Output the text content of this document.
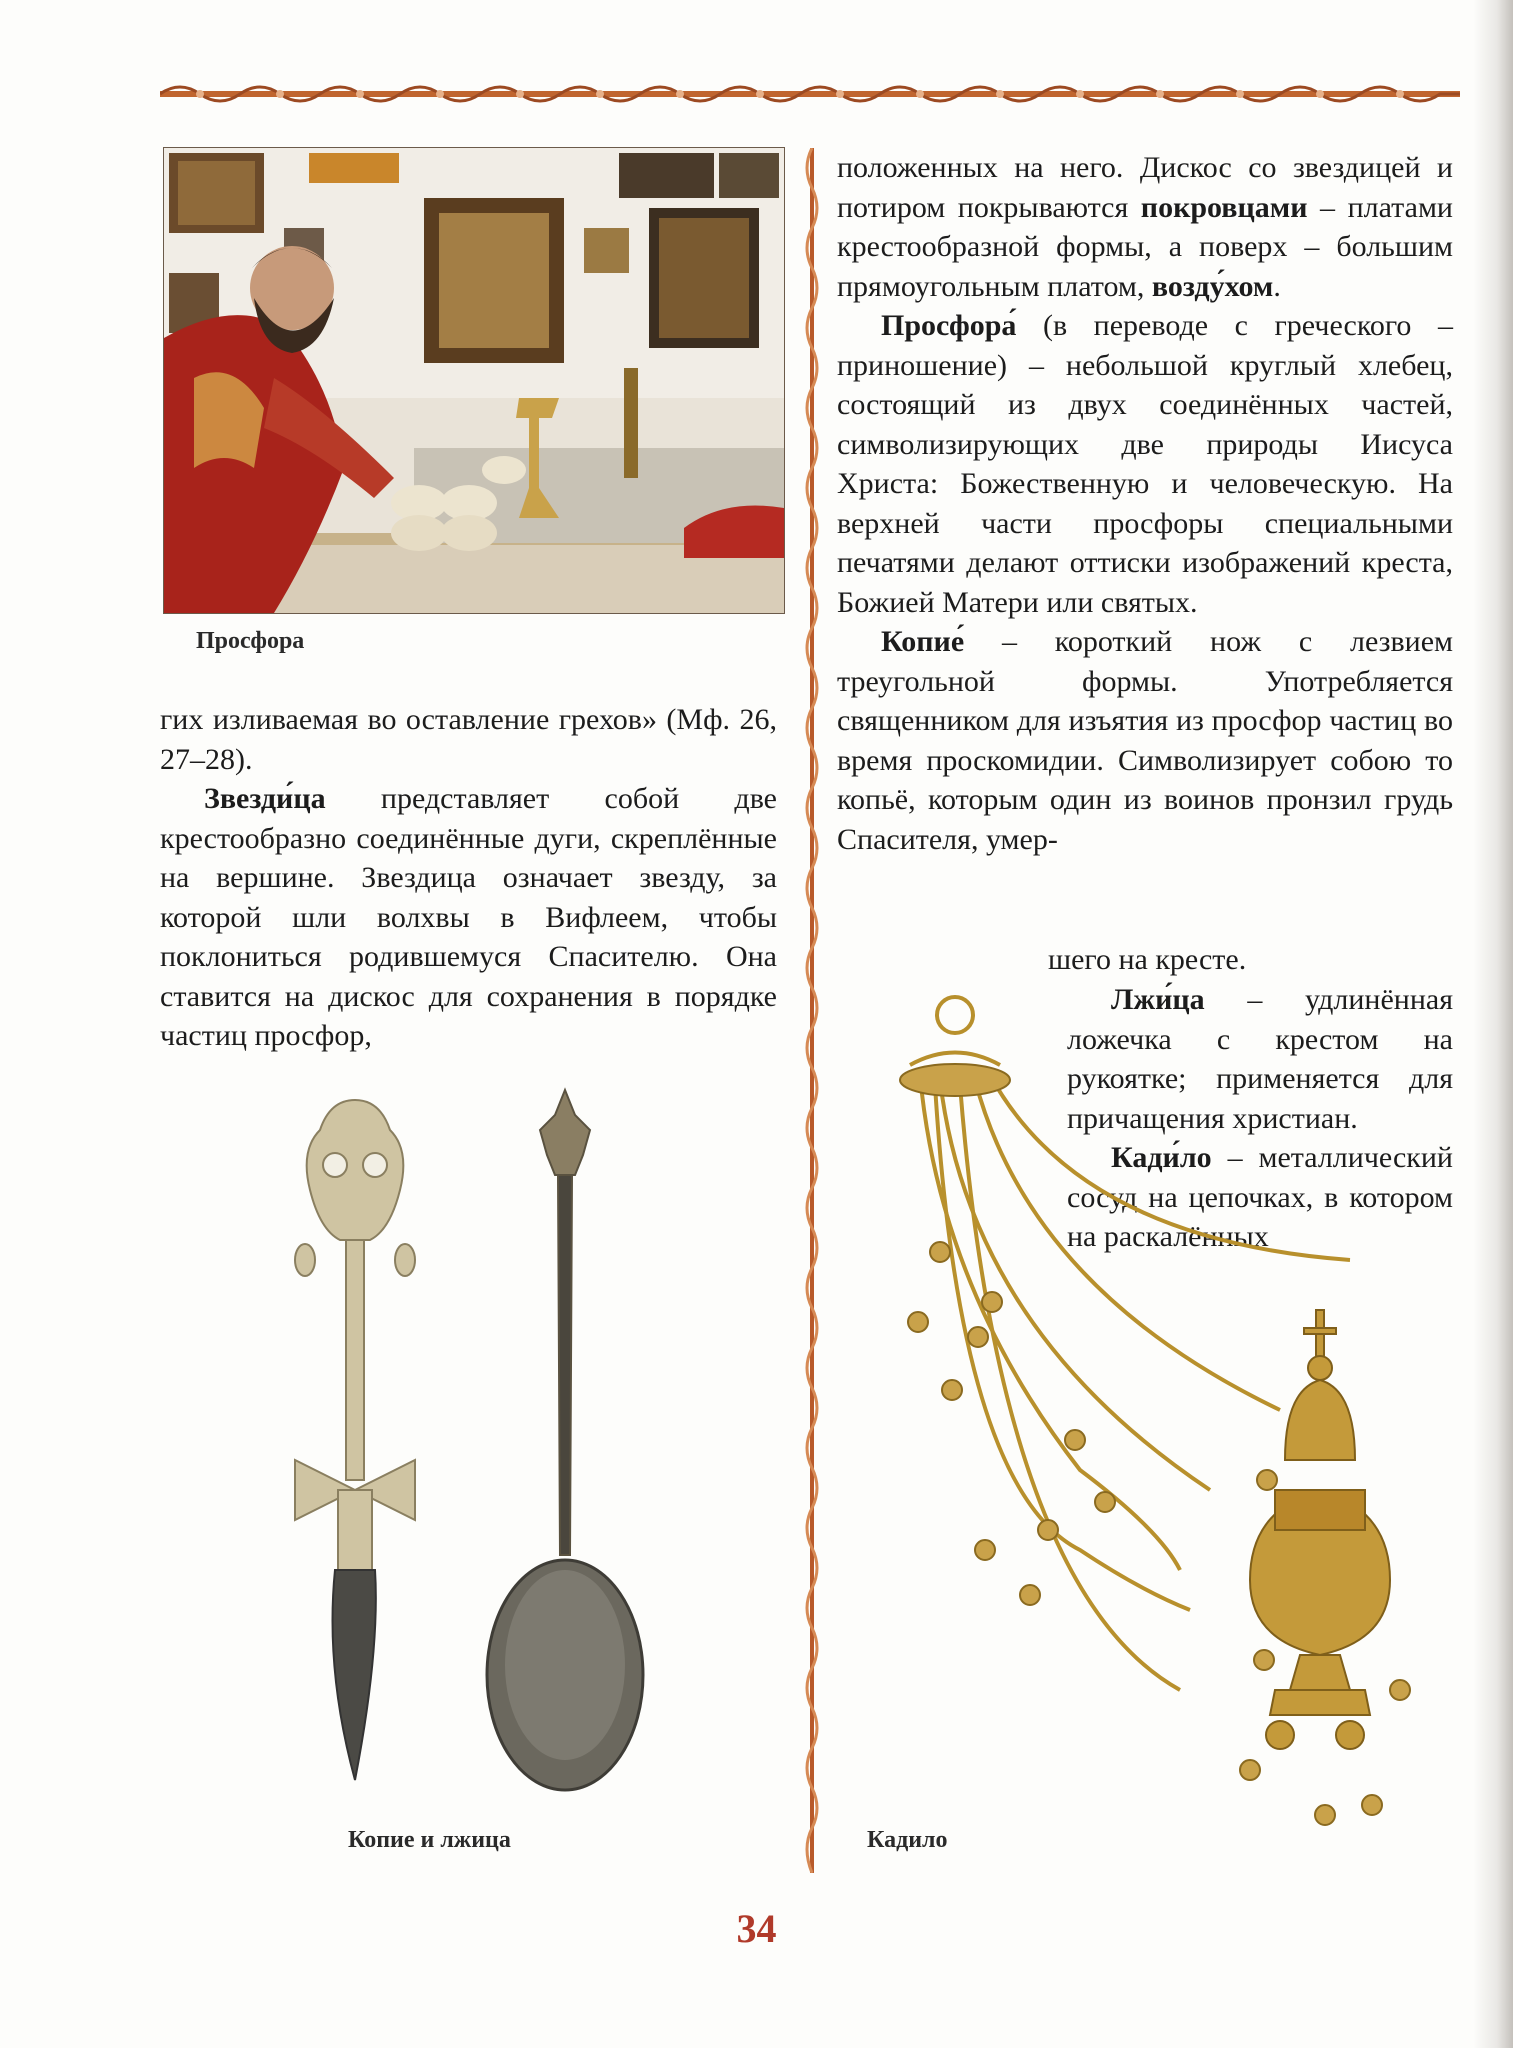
Просфора

гих изливаемая во оставление грехов» (Мф. 26, 27–28).

Звезди́ца представляет собой две крестообразно соединённые дуги, скреплённые на вершине. Звездица означает звезду, за которой шли волхвы в Вифлеем, чтобы поклониться родившемуся Спасителю. Она ставится на дискос для сохранения в порядке частиц просфор,

положенных на него. Дискос со звездицей и потиром покрываются покровцами – платами крестообразной формы, а поверх – большим прямоугольным платом, возду́хом.

Просфора́ (в переводе с греческого – приношение) – небольшой круглый хлебец, состоящий из двух соединённых частей, символизирующих две природы Иисуса Христа: Божественную и человеческую. На верхней части просфоры специальными печатями делают оттиски изображений креста, Божией Матери или святых.

Копие́ – короткий нож с лезвием треугольной формы. Употребляется священником для изъятия из просфор частиц во время проскомидии. Символизирует собою то копьё, которым один из воинов пронзил грудь Спасителя, умер-

шего на кресте.

Лжи́ца – удлинённая ложечка с крестом на рукоятке; применяется для причащения христиан.

Кади́ло – металлический сосуд на цепочках, в котором на раскалённых

Копие и лжица	Кадило
34
